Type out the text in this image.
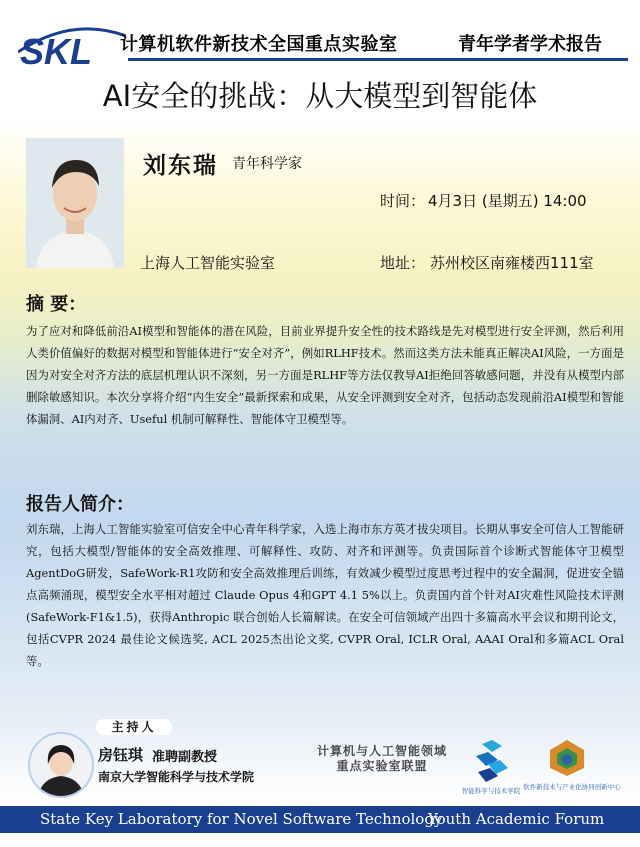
SKL 计算机软件新技术全国重点实验室	青年学者学术报告
AI安全的挑战：从大模型到智能体
刘东瑞 青年科学家
时间： 4月3日 (星期五) 14:00
上海人工智能实验室	地址： 苏州校区南雍楼西111室
摘 要：
为了应对和降低前沿AI模型和智能体的潜在风险，目前业界提升安全性的技术路线是先对模型进行安全评测，然后利用人类价值偏好的数据对模型和智能体进行“安全对齐”，例如RLHF技术。然而这类方法未能真正解决AI风险，一方面是因为对安全对齐方法的底层机理认识不深刻，另一方面是RLHF等方法仅教导AI拒绝回答敏感问题，并没有从模型内部删除敏感知识。本次分享将介绍“内生安全”最新探索和成果，从安全评测到安全对齐，包括动态发现前沿AI模型和智能体漏洞、AI内对齐、Useful 机制可解释性、智能体守卫模型等。
报告人简介：
刘东瑞，上海人工智能实验室可信安全中心青年科学家，入选上海市东方英才拔尖项目。长期从事安全可信人工智能研究，包括大模型/智能体的安全高效推理、可解释性、攻防、对齐和评测等。负责国际首个诊断式智能体守卫模型AgentDoG研发，SafeWork-R1攻防和安全高效推理后训练，有效减少模型过度思考过程中的安全漏洞，促进安全锚点高频涌现，模型安全水平相对超过 Claude Opus 4和GPT 4.1 5%以上。负责国内首个针对AI灾难性风险技术评测(SafeWork-F1&1.5)，获得Anthropic 联合创始人长篇解读。在安全可信领域产出四十多篇高水平会议和期刊论文，包括CVPR 2024 最佳论文候选奖, ACL 2025杰出论文奖, CVPR Oral, ICLR Oral, AAAI Oral和多篇ACL Oral等。
主持人
房钰琪 准聘副教授
南京大学智能科学与技术学院
计算机与人工智能领域
重点实验室联盟
智能科学与技术学院 软件新技术与产业化协同创新中心
State Key Laboratory for Novel Software Technology
Youth Academic Forum
